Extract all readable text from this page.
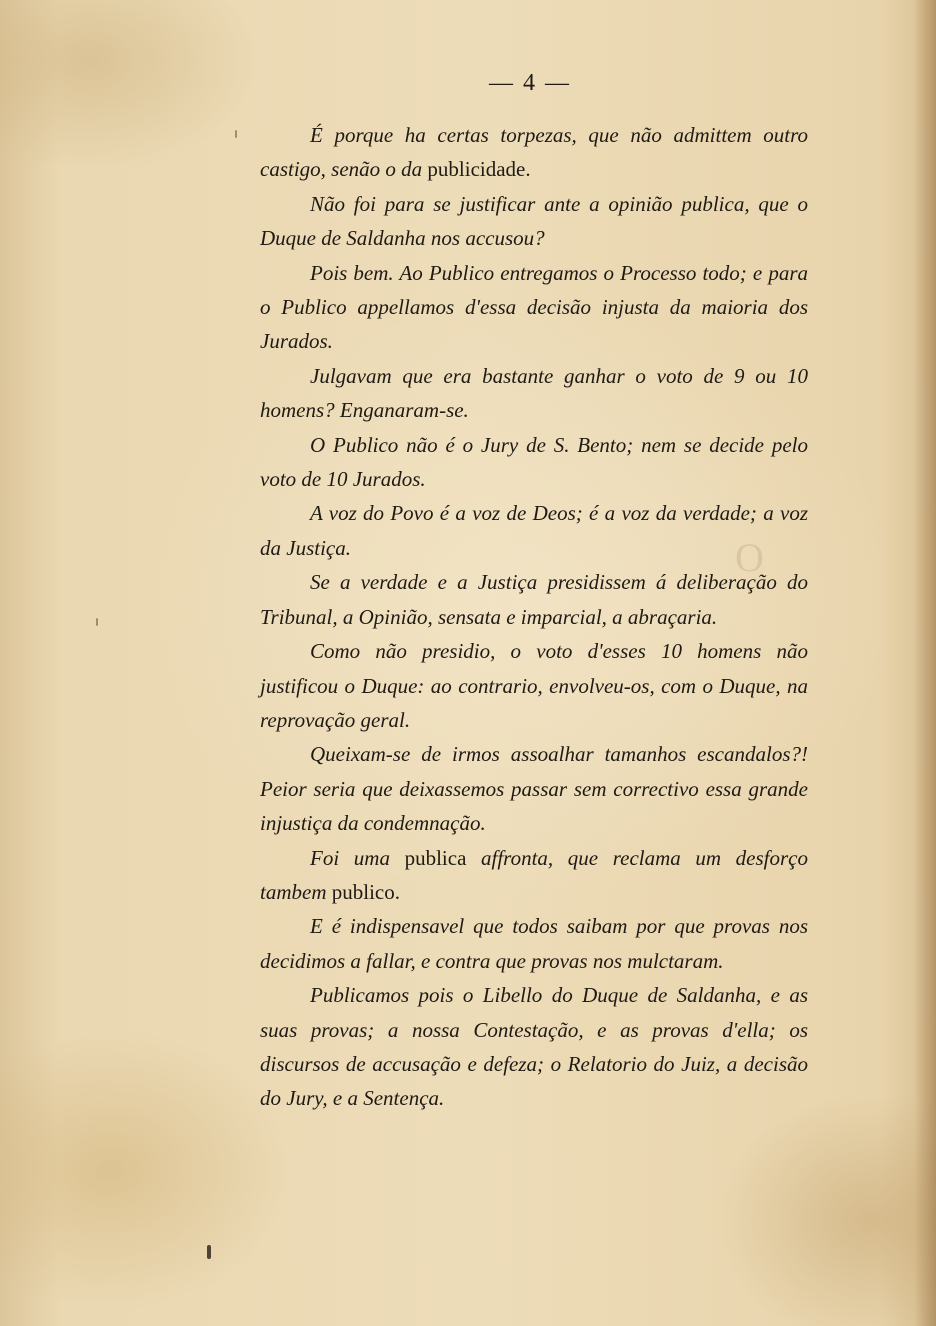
Ο
— 4 —

É porque ha certas torpezas, que não admittem outro castigo, senão o da publicidade.

Não foi para se justificar ante a opinião publica, que o Duque de Saldanha nos accusou?

Pois bem. Ao Publico entregamos o Processo todo; e para o Publico appellamos d'essa decisão injusta da maioria dos Jurados.

Julgavam que era bastante ganhar o voto de 9 ou 10 homens? Enganaram-se.

O Publico não é o Jury de S. Bento; nem se decide pelo voto de 10 Jurados.

A voz do Povo é a voz de Deos; é a voz da verdade; a voz da Justiça.

Se a verdade e a Justiça presidissem á deliberação do Tribunal, a Opinião, sensata e imparcial, a abraçaria.

Como não presidio, o voto d'esses 10 homens não justificou o Duque: ao contrario, envolveu-os, com o Duque, na reprovação geral.

Queixam-se de irmos assoalhar tamanhos escandalos?! Peior seria que deixassemos passar sem correctivo essa grande injustiça da condemnação.

Foi uma publica affronta, que reclama um desforço tambem publico.

E é indispensavel que todos saibam por que provas nos decidimos a fallar, e contra que provas nos mulctaram.

Publicamos pois o Libello do Duque de Saldanha, e as suas provas; a nossa Contestação, e as provas d'ella; os discursos de accusação e defeza; o Relatorio do Juiz, a decisão do Jury, e a Sentença.
